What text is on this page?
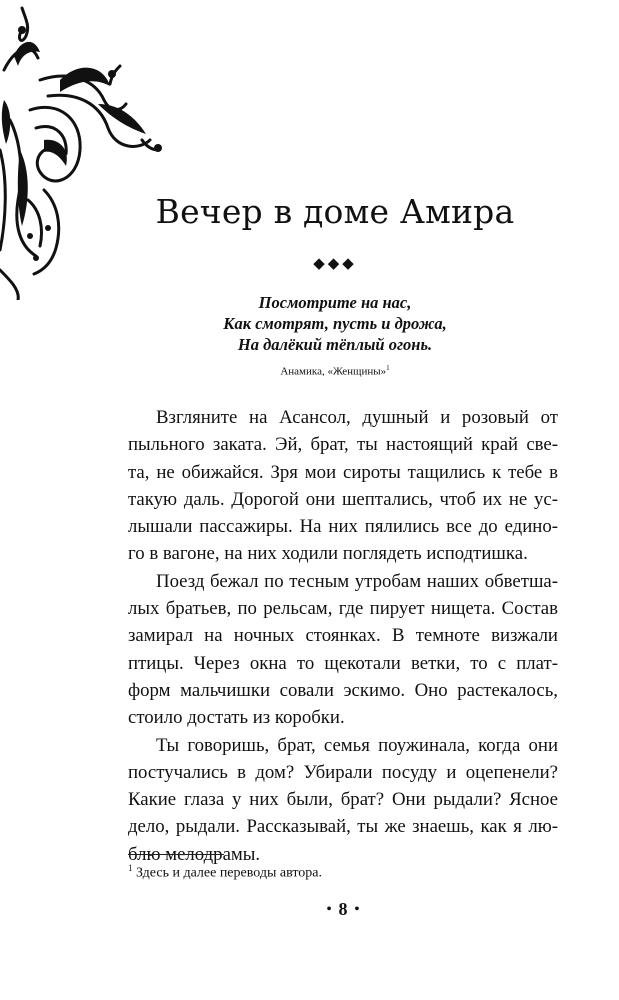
Вечер в доме Амира
◆◆◆
Посмотрите на нас,
Как смотрят, пусть и дрожа,
На далёкий тёплый огонь.
Анамика, «Женщины»$^1$
Взгляните на Асансол, душный и розовый от
пыльного заката. Эй, брат, ты настоящий край све-
та, не обижайся. Зря мои сироты тащились к тебе в
такую даль. Дорогой они шептались, чтоб их не ус-
лышали пассажиры. На них пялились все до едино-
го в вагоне, на них ходили поглядеть исподтишка.
Поезд бежал по тесным утробам наших обветша-
лых братьев, по рельсам, где пирует нищета. Состав
замирал на ночных стоянках. В темноте визжали
птицы. Через окна то щекотали ветки, то с плат-
форм мальчишки совали эскимо. Оно растекалось,
стоило достать из коробки.
Ты говоришь, брат, семья поужинала, когда они
постучались в дом? Убирали посуду и оцепенели?
Какие глаза у них были, брат? Они рыдали? Ясное
дело, рыдали. Рассказывай, ты же знаешь, как я лю-
блю мелодрамы.
$^1$ Здесь и далее переводы автора.
• 8 •
